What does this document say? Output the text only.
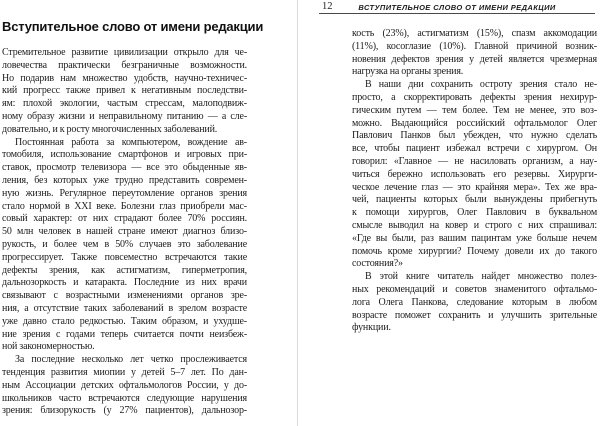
Вступительное слово от имени редакции
Стремительное развитие цивилизации открыло для че-
ловечества практически безграничные возможности.
Но подарив нам множество удобств, научно-техничес-
кий прогресс также привел к негативным последстви-
ям: плохой экологии, частым стрессам, малоподвиж-
ному образу жизни и неправильному питанию — а сле-
довательно, и к росту многочисленных заболеваний.
Постоянная работа за компьютером, вождение ав-
томобиля, использование смартфонов и игровых при-
ставок, просмотр телевизора — все это обыденные яв-
ления, без которых уже трудно представить современ-
ную жизнь. Регулярное переутомление органов зрения
стало нормой в XXI веке. Болезни глаз приобрели мас-
совый характер: от них страдают более 70% россиян.
50 млн человек в нашей стране имеют диагноз близо-
рукость, и более чем в 50% случаев это заболевание
прогрессирует. Также повсеместно встречаются такие
дефекты зрения, как астигматизм, гиперметропия,
дальнозоркость и катаракта. Последние из них врачи
связывают с возрастными изменениями органов зре-
ния, а отсутствие таких заболеваний в зрелом возрасте
уже давно стало редкостью. Таким образом, и ухудше-
ние зрения с годами теперь считается почти неизбеж-
ной закономерностью.
За последние несколько лет четко прослеживается
тенденция развития миопии у детей 5–7 лет. По дан-
ным Ассоциации детских офтальмологов России, у до-
школьников часто встречаются следующие нарушения
зрения: близорукость (у 27% пациентов), дальнозор-
12	ВСТУПИТЕЛЬНОЕ СЛОВО ОТ ИМЕНИ РЕДАКЦИИ
кость (23%), астигматизм (15%), спазм аккомодации
(11%), косоглазие (10%). Главной причиной возник-
новения дефектов зрения у детей является чрезмерная
нагрузка на органы зрения.
В наши дни сохранить остроту зрения стало не-
просто, а скорректировать дефекты зрения нехирур-
гическим путем — тем более. Тем не менее, это воз-
можно. Выдающийся российский офтальмолог Олег
Павлович Панков был убежден, что нужно сделать
все, чтобы пациент избежал встречи с хирургом. Он
говорил: «Главное — не насиловать организм, а нау-
читься бережно использовать его резервы. Хирурги-
ческое лечение глаз — это крайняя мера». Тех же вра-
чей, пациенты которых были вынуждены прибегнуть
к помощи хирургов, Олег Павлович в буквальном
смысле выводил на ковер и строго с них спрашивал:
«Где вы были, раз вашим пацинтам уже больше нечем
помочь кроме хирургии? Почему довели их до такого
состояния?»
В этой книге читатель найдет множество полез-
ных рекомендаций и советов знаменитого офтальмо-
лога Олега Панкова, следование которым в любом
возрасте поможет сохранить и улучшить зрительные
функции.
